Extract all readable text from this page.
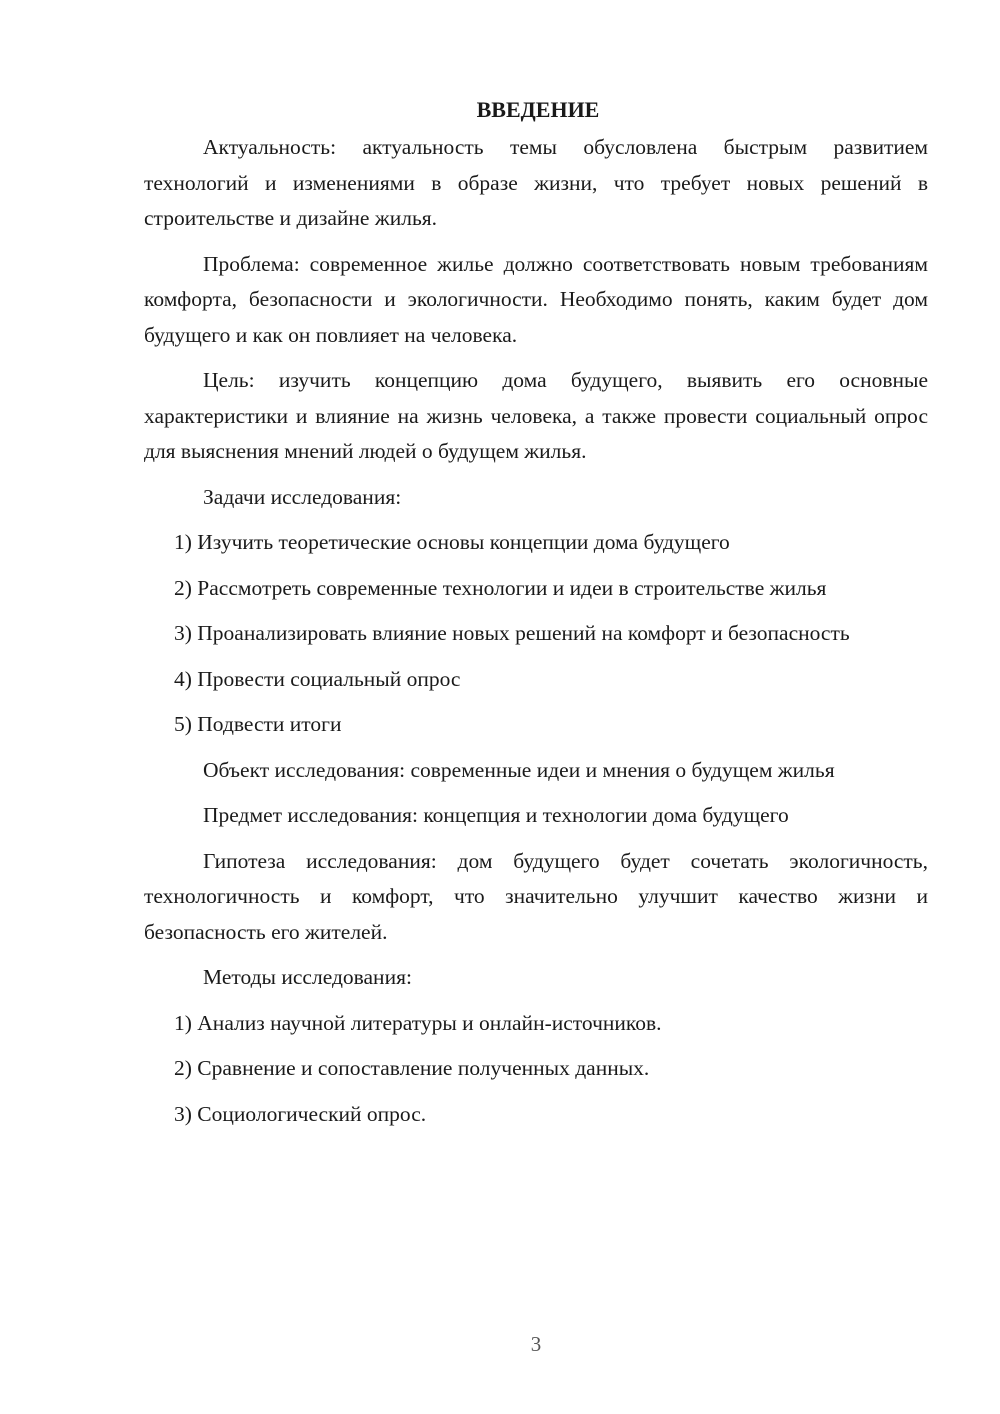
ВВЕДЕНИЕ

Актуальность: актуальность темы обусловлена быстрым развитием технологий и изменениями в образе жизни, что требует новых решений в строительстве и дизайне жилья.

Проблема: современное жилье должно соответствовать новым требованиям комфорта, безопасности и экологичности. Необходимо понять, каким будет дом будущего и как он повлияет на человека.

Цель: изучить концепцию дома будущего, выявить его основные характеристики и влияние на жизнь человека, а также провести социальный опрос для выяснения мнений людей о будущем жилья.

Задачи исследования:

1) Изучить теоретические основы концепции дома будущего

2) Рассмотреть современные технологии и идеи в строительстве жилья

3) Проанализировать влияние новых решений на комфорт и безопасность

4) Провести социальный опрос

5) Подвести итоги

Объект исследования: современные идеи и мнения о будущем жилья

Предмет исследования: концепция и технологии дома будущего

Гипотеза исследования: дом будущего будет сочетать экологичность, технологичность и комфорт, что значительно улучшит качество жизни и безопасность его жителей.

Методы исследования:

1) Анализ научной литературы и онлайн-источников.

2) Сравнение и сопоставление полученных данных.

3) Социологический опрос.

3
